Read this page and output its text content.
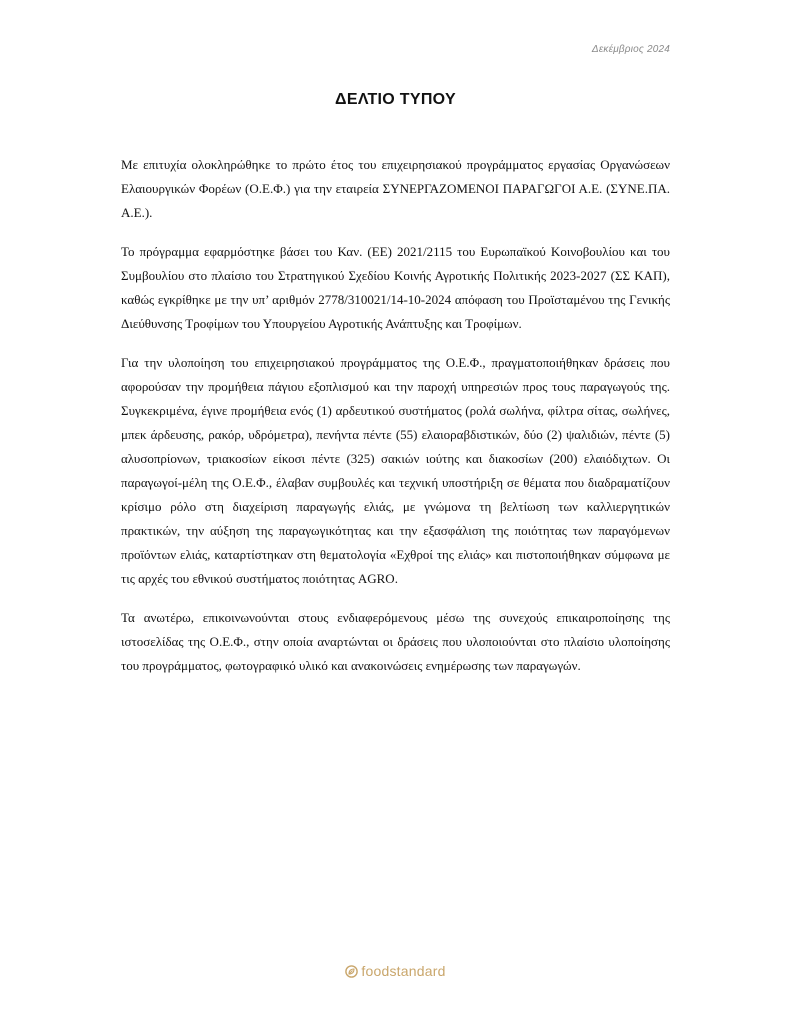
Δεκέμβριος 2024
ΔΕΛΤΙΟ ΤΥΠΟΥ

Με επιτυχία ολοκληρώθηκε το πρώτο έτος του επιχειρησιακού προγράμματος εργασίας Οργανώσεων Ελαιουργικών Φορέων (Ο.Ε.Φ.) για την εταιρεία ΣΥΝΕΡΓΑΖΟΜΕΝΟΙ ΠΑΡΑΓΩΓΟΙ Α.Ε. (ΣΥΝΕ.ΠΑ. Α.Ε.).

Το πρόγραμμα εφαρμόστηκε βάσει του Καν. (ΕΕ) 2021/2115 του Ευρωπαϊκού Κοινοβουλίου και του Συμβουλίου στο πλαίσιο του Στρατηγικού Σχεδίου Κοινής Αγροτικής Πολιτικής 2023-2027 (ΣΣ ΚΑΠ), καθώς εγκρίθηκε με την υπ’ αριθμόν 2778/310021/14-10-2024 απόφαση του Προϊσταμένου της Γενικής Διεύθυνσης Τροφίμων του Υπουργείου Αγροτικής Ανάπτυξης και Τροφίμων.

Για την υλοποίηση του επιχειρησιακού προγράμματος της Ο.Ε.Φ., πραγματοποιήθηκαν δράσεις που αφορούσαν την προμήθεια πάγιου εξοπλισμού και την παροχή υπηρεσιών προς τους παραγωγούς της. Συγκεκριμένα, έγινε προμήθεια ενός (1) αρδευτικού συστήματος (ρολά σωλήνα, φίλτρα σίτας, σωλήνες, μπεκ άρδευσης, ρακόρ, υδρόμετρα), πενήντα πέντε (55) ελαιοραβδιστικών, δύο (2) ψαλιδιών, πέντε (5) αλυσοπρίονων, τριακοσίων είκοσι πέντε (325) σακιών ιούτης και διακοσίων (200) ελαιόδιχτων. Οι παραγωγοί-μέλη της Ο.Ε.Φ., έλαβαν συμβουλές και τεχνική υποστήριξη σε θέματα που διαδραματίζουν κρίσιμο ρόλο στη διαχείριση παραγωγής ελιάς, με γνώμονα τη βελτίωση των καλλιεργητικών πρακτικών, την αύξηση της παραγωγικότητας και την εξασφάλιση της ποιότητας των παραγόμενων προϊόντων ελιάς, καταρτίστηκαν στη θεματολογία «Εχθροί της ελιάς» και πιστοποιήθηκαν σύμφωνα με τις αρχές του εθνικού συστήματος ποιότητας AGRO.

Τα ανωτέρω, επικοινωνούνται στους ενδιαφερόμενους μέσω της συνεχούς επικαιροποίησης της ιστοσελίδας της Ο.Ε.Φ., στην οποία αναρτώνται οι δράσεις που υλοποιούνται στο πλαίσιο υλοποίησης του προγράμματος, φωτογραφικό υλικό και ανακοινώσεις ενημέρωσης των παραγωγών.

foodstandard
